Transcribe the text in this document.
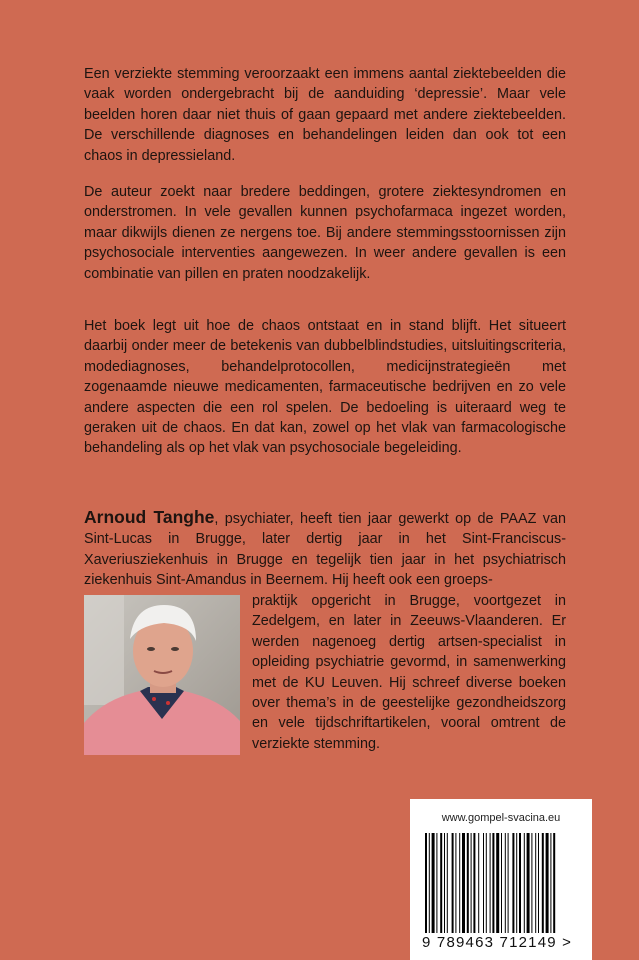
Een verziekte stemming veroorzaakt een immens aantal ziektebeelden die vaak worden ondergebracht bij de aanduiding ‘depressie’. Maar vele beelden horen daar niet thuis of gaan gepaard met andere ziektebeelden. De verschillende diagnoses en behandelingen leiden dan ook tot een chaos in depressieland.

De auteur zoekt naar bredere beddingen, grotere ziektesyndromen en onderstromen. In vele gevallen kunnen psychofarmaca ingezet worden, maar dikwijls dienen ze nergens toe. Bij andere stemmingsstoornissen zijn psychosociale interventies aangewezen. In weer andere gevallen is een combinatie van pillen en praten noodzakelijk.

Het boek legt uit hoe de chaos ontstaat en in stand blijft. Het situeert daarbij onder meer de betekenis van dubbelblindstudies, uitsluitingscriteria, modediagnoses, behandelprotocollen, medicijnstrategieën met zogenaamde nieuwe medicamenten, farmaceutische bedrijven en zo vele andere aspecten die een rol spelen. De bedoeling is uiteraard weg te geraken uit de chaos. En dat kan, zowel op het vlak van farmacologische behandeling als op het vlak van psychosociale begeleiding.

Arnoud Tanghe, psychiater, heeft tien jaar gewerkt op de PAAZ van Sint-Lucas in Brugge, later dertig jaar in het Sint-Franciscus-Xaveriusziekenhuis in Brugge en tegelijk tien jaar in het psychiatrisch ziekenhuis Sint-Amandus in Beernem. Hij heeft ook een groeps-

praktijk opgericht in Brugge, voortgezet in Zedelgem, en later in Zeeuws-Vlaanderen. Er werden nagenoeg dertig artsen-specialist in opleiding psychiatrie gevormd, in samenwerking met de KU Leuven. Hij schreef diverse boeken over thema’s in de geestelijke gezondheidszorg en vele tijdschriftartikelen, vooral omtrent de verziekte stemming.

www.gompel-svacina.eu
9 789463 712149 >
